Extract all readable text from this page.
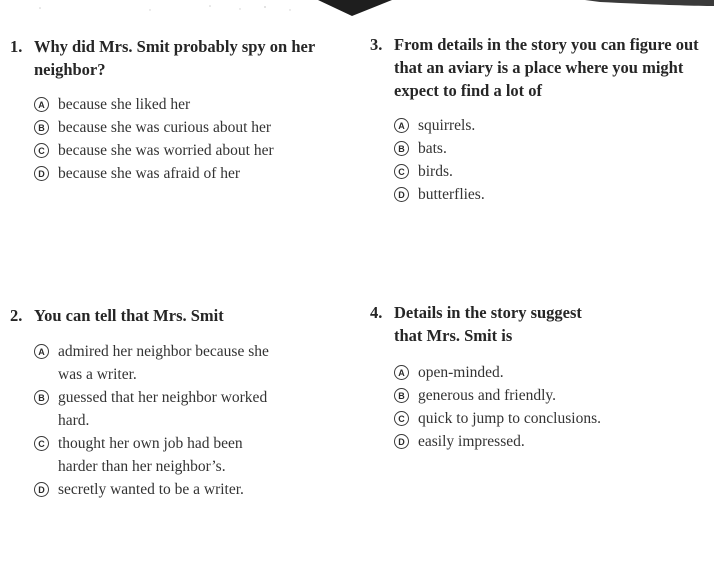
1. Why did Mrs. Smit probably spy on her neighbor?
A because she liked her
B because she was curious about her
C because she was worried about her
D because she was afraid of her
3. From details in the story you can figure out that an aviary is a place where you might expect to find a lot of
A squirrels.
B bats.
C birds.
D butterflies.
2. You can tell that Mrs. Smit
A admired her neighbor because she was a writer.
B guessed that her neighbor worked hard.
C thought her own job had been harder than her neighbor’s.
D secretly wanted to be a writer.
4. Details in the story suggest that Mrs. Smit is
A open-minded.
B generous and friendly.
C quick to jump to conclusions.
D easily impressed.
